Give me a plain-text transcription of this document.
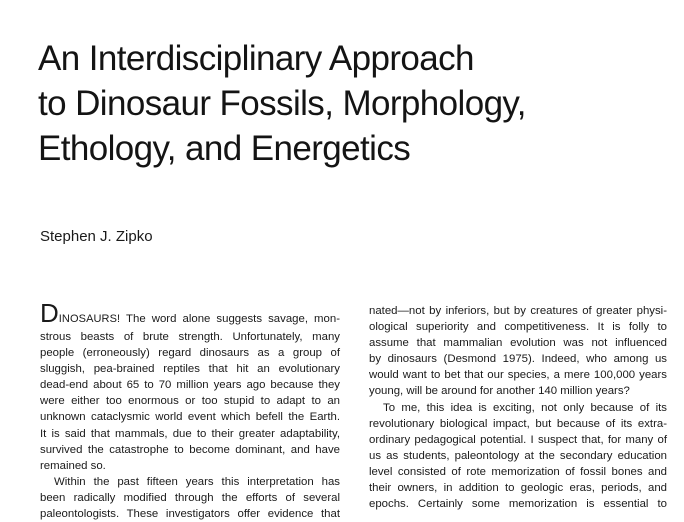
An Interdisciplinary Approach
to Dinosaur Fossils, Morphology,
Ethology, and Energetics
Stephen J. Zipko
DINOSAURS! The word alone suggests savage, mon-
strous beasts of brute strength. Unfortunately, many
people (erroneously) regard dinosaurs as a group of
sluggish, pea-brained reptiles that hit an evolutionary
dead-end about 65 to 70 million years ago because they
were either too enormous or too stupid to adapt to an
unknown cataclysmic world event which befell the Earth.
It is said that mammals, due to their greater adaptability,
survived the catastrophe to become dominant, and have
remained so.
Within the past fifteen years this interpretation has
been radically modified through the efforts of several
paleontologists. These investigators offer evidence that
nated—not by inferiors, but by creatures of greater physi-
ological superiority and competitiveness. It is folly to
assume that mammalian evolution was not influenced
by dinosaurs (Desmond 1975). Indeed, who among us
would want to bet that our species, a mere 100,000 years
young, will be around for another 140 million years?
To me, this idea is exciting, not only because of its
revolutionary biological impact, but because of its extra-
ordinary pedagogical potential. I suspect that, for many of
us as students, paleontology at the secondary education
level consisted of rote memorization of fossil bones and
their owners, in addition to geologic eras, periods, and
epochs. Certainly some memorization is essential to
